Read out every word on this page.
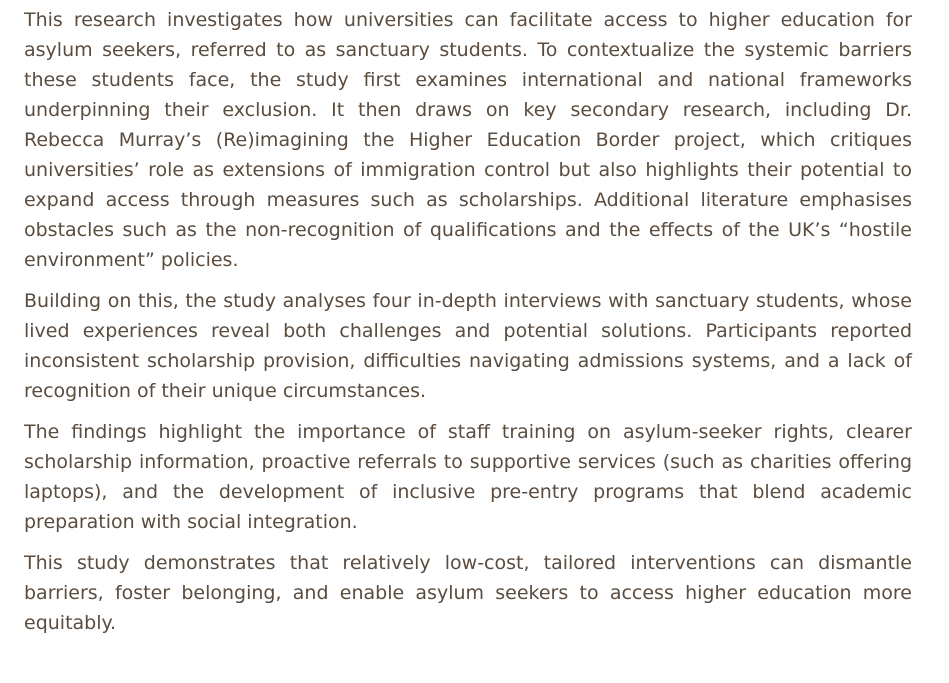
This research investigates how universities can facilitate access to higher education for asylum seekers, referred to as sanctuary students. To contextualize the systemic barriers these students face, the study first examines international and national frameworks underpinning their exclusion. It then draws on key secondary research, including Dr. Rebecca Murray’s (Re)imagining the Higher Education Border project, which critiques universities’ role as extensions of immigration control but also highlights their potential to expand access through measures such as scholarships. Additional literature emphasises obstacles such as the non-recognition of qualifications and the effects of the UK’s “hostile environment” policies.

Building on this, the study analyses four in-depth interviews with sanctuary students, whose lived experiences reveal both challenges and potential solutions. Participants reported inconsistent scholarship provision, difficulties navigating admissions systems, and a lack of recognition of their unique circumstances.

The findings highlight the importance of staff training on asylum-seeker rights, clearer scholarship information, proactive referrals to supportive services (such as charities offering laptops), and the development of inclusive pre-entry programs that blend academic preparation with social integration.

This study demonstrates that relatively low-cost, tailored interventions can dismantle barriers, foster belonging, and enable asylum seekers to access higher education more equitably.
